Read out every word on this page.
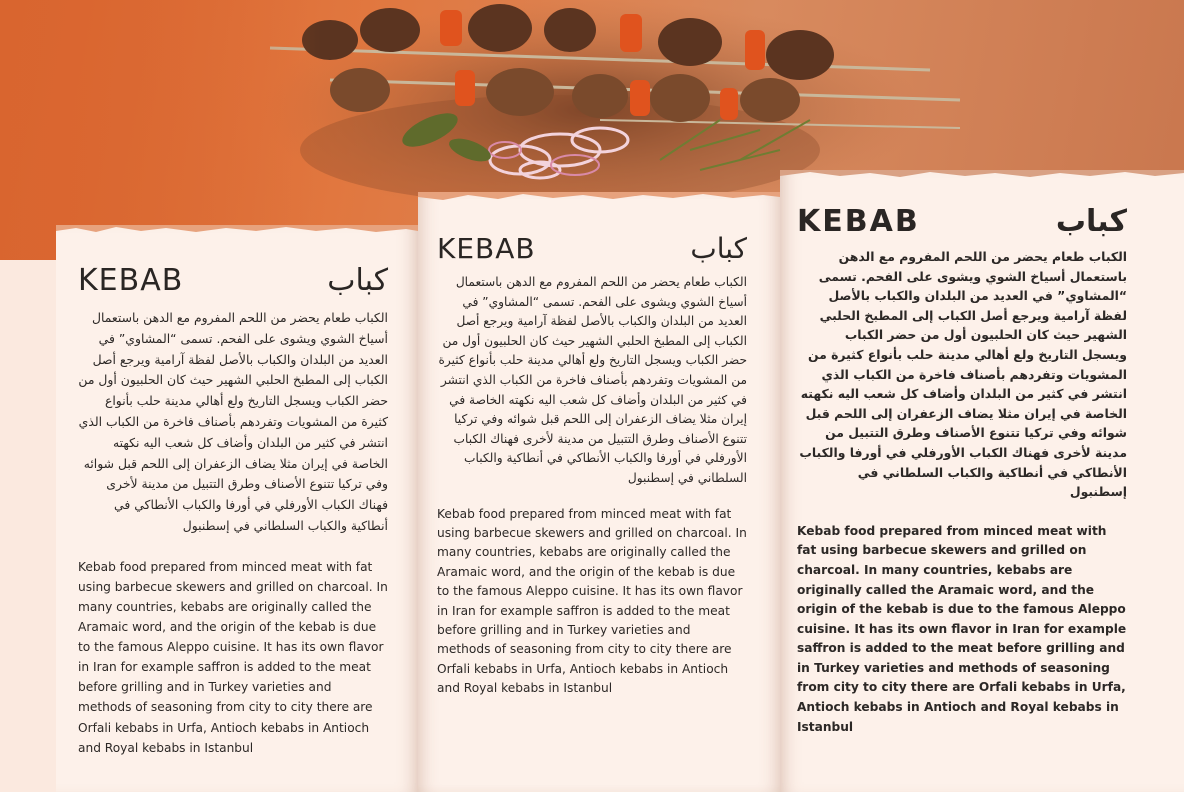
KEBAB	كباب
الكباب طعام يحضر من اللحم المفروم مع الدهن باستعمال أسياخ الشوي ويشوى على الفحم. تسمى “المشاوي” في العديد من البلدان والكباب بالأصل لفظة آرامية ويرجع أصل الكباب إلى المطبخ الحلبي الشهير حيث كان الحلبيون أول من حضر الكباب ويسجل التاريخ ولع أهالي مدينة حلب بأنواع كثيرة من المشويات وتفردهم بأصناف فاخرة من الكباب الذي انتشر في كثير من البلدان وأضاف كل شعب اليه نكهته الخاصة في إيران مثلا يضاف الزعفران إلى اللحم قبل شوائه وفي تركيا تتنوع الأصناف وطرق التتبيل من مدينة لأخرى فهناك الكباب الأورفلي في أورفا والكباب الأنطاكي في أنطاكية والكباب السلطاني في إسطنبول
Kebab food prepared from minced meat with fat using barbecue skewers and grilled on charcoal. In many countries, kebabs are originally called the Aramaic word, and the origin of the kebab is due to the famous Aleppo cuisine. It has its own flavor in Iran for example saffron is added to the meat before grilling and in Turkey varieties and methods of seasoning from city to city there are Orfali kebabs in Urfa, Antioch kebabs in Antioch and Royal kebabs in Istanbul
KEBAB	كباب
الكباب طعام يحضر من اللحم المفروم مع الدهن باستعمال أسياخ الشوي ويشوى على الفحم. تسمى “المشاوي” في العديد من البلدان والكباب بالأصل لفظة آرامية ويرجع أصل الكباب إلى المطبخ الحلبي الشهير حيث كان الحلبيون أول من حضر الكباب ويسجل التاريخ ولع أهالي مدينة حلب بأنواع كثيرة من المشويات وتفردهم بأصناف فاخرة من الكباب الذي انتشر في كثير من البلدان وأضاف كل شعب اليه نكهته الخاصة في إيران مثلا يضاف الزعفران إلى اللحم قبل شوائه وفي تركيا تتنوع الأصناف وطرق التتبيل من مدينة لأخرى فهناك الكباب الأورفلي في أورفا والكباب الأنطاكي في أنطاكية والكباب السلطاني في إسطنبول
Kebab food prepared from minced meat with fat using barbecue skewers and grilled on charcoal. In many countries, kebabs are originally called the Aramaic word, and the origin of the kebab is due to the famous Aleppo cuisine. It has its own flavor in Iran for example saffron is added to the meat before grilling and in Turkey varieties and methods of seasoning from city to city there are Orfali kebabs in Urfa, Antioch kebabs in Antioch and Royal kebabs in Istanbul
KEBAB	كباب
الكباب طعام يحضر من اللحم المفروم مع الدهن باستعمال أسياخ الشوي ويشوى على الفحم. تسمى “المشاوي” في العديد من البلدان والكباب بالأصل لفظة آرامية ويرجع أصل الكباب إلى المطبخ الحلبي الشهير حيث كان الحلبيون أول من حضر الكباب ويسجل التاريخ ولع أهالي مدينة حلب بأنواع كثيرة من المشويات وتفردهم بأصناف فاخرة من الكباب الذي انتشر في كثير من البلدان وأضاف كل شعب اليه نكهته الخاصة في إيران مثلا يضاف الزعفران إلى اللحم قبل شوائه وفي تركيا تتنوع الأصناف وطرق التتبيل من مدينة لأخرى فهناك الكباب الأورفلي في أورفا والكباب الأنطاكي في أنطاكية والكباب السلطاني في إسطنبول
Kebab food prepared from minced meat with fat using barbecue skewers and grilled on charcoal. In many countries, kebabs are originally called the Aramaic word, and the origin of the kebab is due to the famous Aleppo cuisine. It has its own flavor in Iran for example saffron is added to the meat before grilling and in Turkey varieties and methods of seasoning from city to city there are Orfali kebabs in Urfa, Antioch kebabs in Antioch and Royal kebabs in Istanbul
